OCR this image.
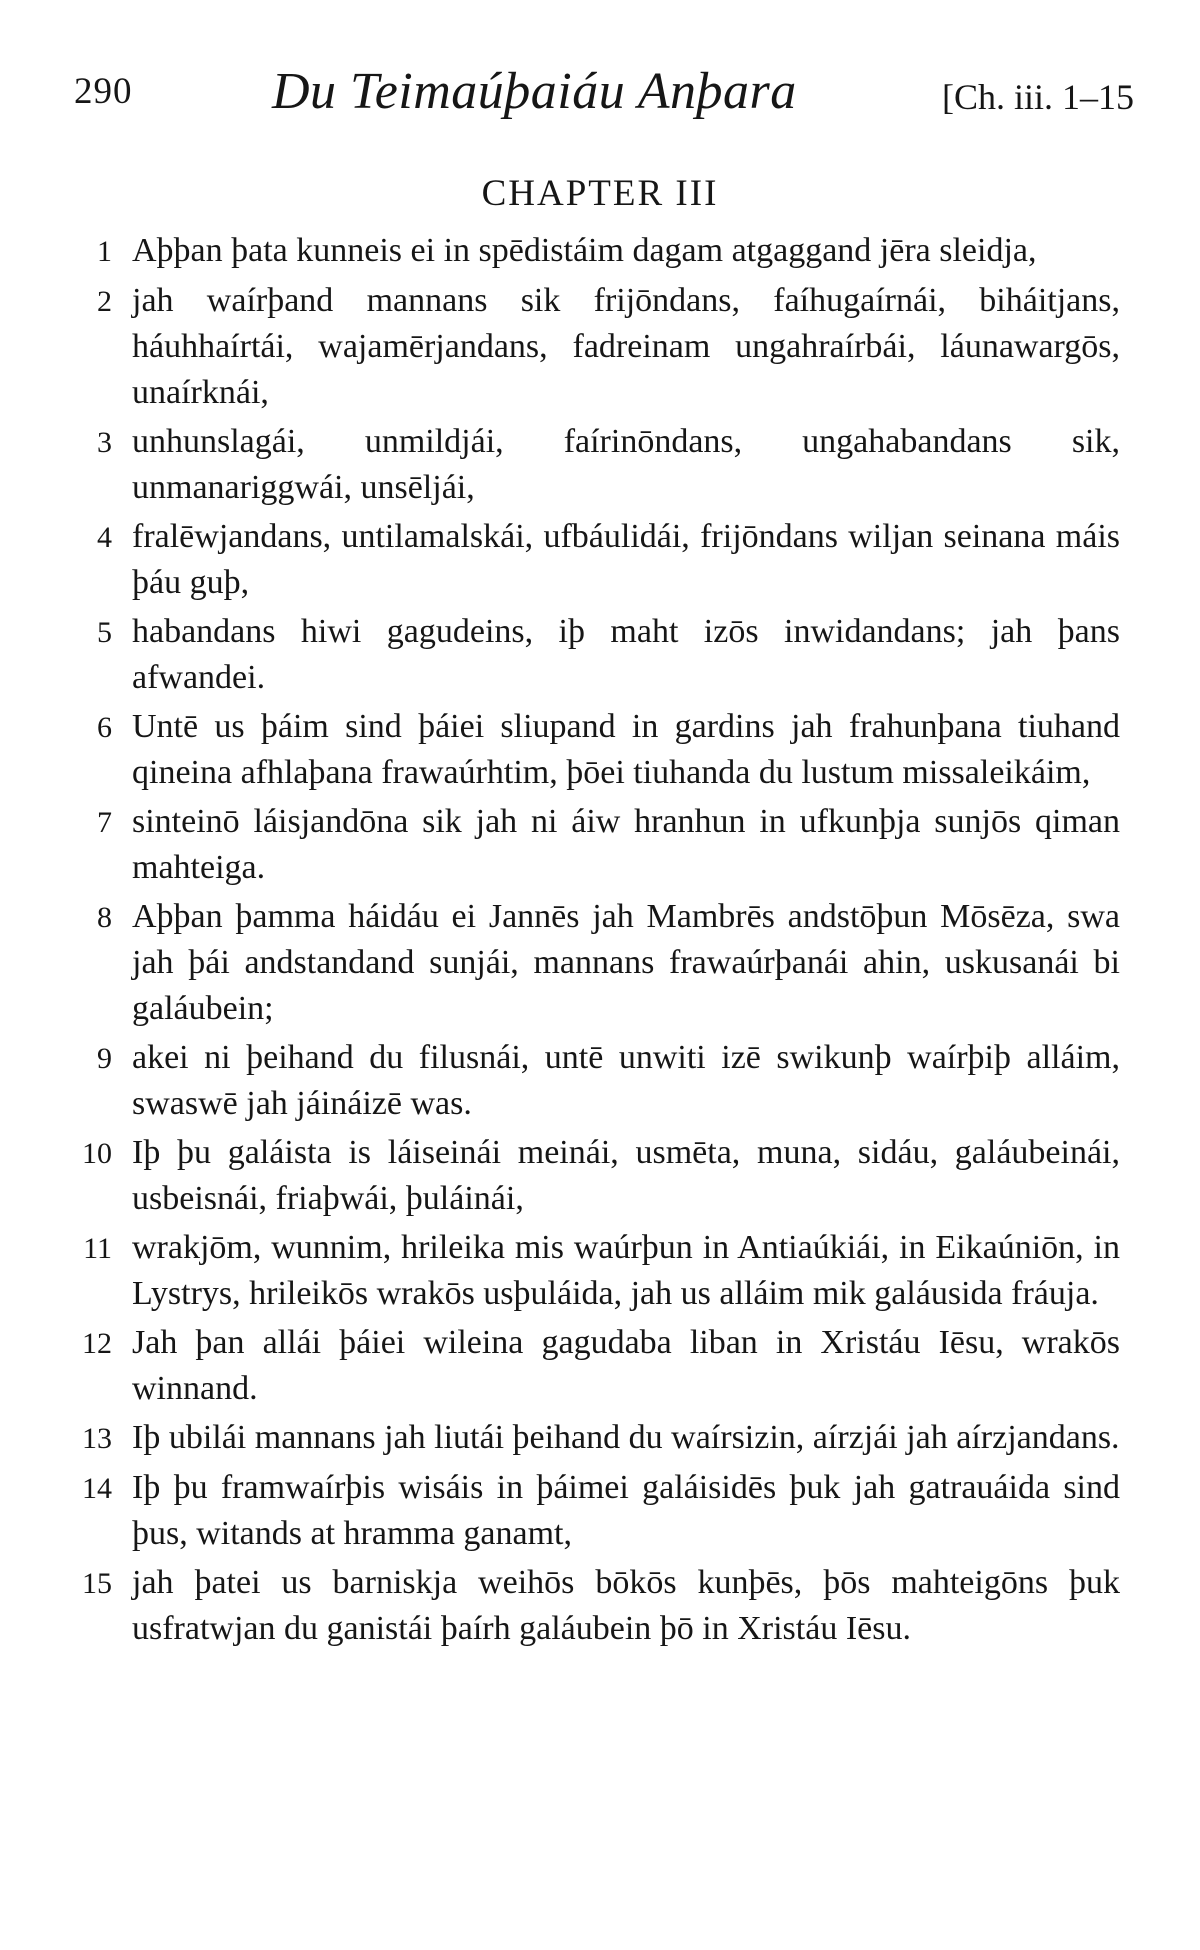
290	Du Teimaúþaiáu Anþara	[Ch. iii. 1–15
CHAPTER III
1 Aþþan þata kunneis ei in spēdistáim dagam atgaggand jēra sleidja,
2 jah waírþand mannans sik frijōndans, faíhugaírnái, biháitjans, háuhhaírtái, wajamērjandans, fadreinam ungahraírbái, láunawargōs, unaírknái,
3 unhunslagái, unmildjái, faírinōndans, ungahabandans sik, unmanariggwái, unsēljái,
4 fralēwjandans, untilamalskái, ufbáulidái, frijōndans wiljan seinana máis þáu guþ,
5 habandans hiwi gagudeins, iþ maht izōs inwidandans; jah þans afwandei.
6 Untē us þáim sind þáiei sliupand in gardins jah frahunþana tiuhand qineina afhlaþana frawaúrhtim, þōei tiuhanda du lustum missaleikáim,
7 sinteinō láisjandōna sik jah ni áiw hranhun in ufkunþja sunjōs qiman mahteiga.
8 Aþþan þamma háidáu ei Jannēs jah Mambrēs andstōþun Mōsēza, swa jah þái andstandand sunjái, mannans frawaúrþanái ahin, uskusanái bi galáubein;
9 akei ni þeihand du filusnái, untē unwiti izē swikunþ waírþiþ alláim, swaswē jah jáináizē was.
10 Iþ þu galáista is láiseinái meinái, usmēta, muna, sidáu, galáubeinái, usbeisnái, friaþwái, þuláinái,
11 wrakjōm, wunnim, hrileika mis waúrþun in Antiaúkiái, in Eikaúniōn, in Lystrys, hrileikōs wrakōs usþuláida, jah us alláim mik galáusida fráuja.
12 Jah þan allái þáiei wileina gagudaba liban in Xristáu Iēsu, wrakōs winnand.
13 Iþ ubilái mannans jah liutái þeihand du waírsizin, aírzjái jah aírzjandans.
14 Iþ þu framwaírþis wisáis in þáimei galáisidēs þuk jah gatrauáida sind þus, witands at hramma ganamt,
15 jah þatei us barniskja weihōs bōkōs kunþēs, þōs mahteigōns þuk usfratwjan du ganistái þaírh galáubein þō in Xristáu Iēsu.
